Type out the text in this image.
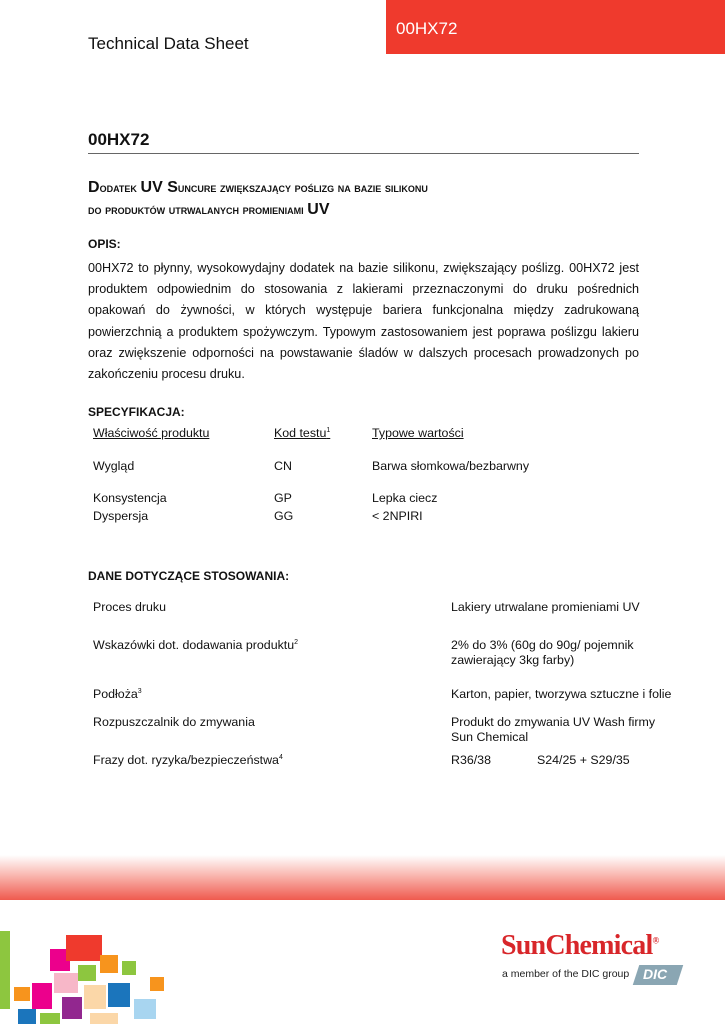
00HX72
Technical Data Sheet
00HX72
Dodatek UV Suncure zwiększający poślizg na bazie silikonu
do produktów utrwalanych promieniami UV
OPIS:
00HX72 to płynny, wysokowydajny dodatek na bazie silikonu, zwiększający poślizg. 00HX72 jest produktem odpowiednim do stosowania z lakierami przeznaczonymi do druku pośrednich opakowań do żywności, w których występuje bariera funkcjonalna między zadrukowaną powierzchnią a produktem spożywczym. Typowym zastosowaniem jest poprawa poślizgu lakieru oraz zwiększenie odporności na powstawanie śladów w dalszych procesach prowadzonych po zakończeniu procesu druku.
SPECYFIKACJA:
Właściwość produktu	Kod testu$^1$	Typowe wartości
Wygląd	CN	Barwa słomkowa/bezbarwny
Konsystencja	GP	Lepka ciecz
Dyspersja	GG	< 2NPIRI
DANE DOTYCZĄCE STOSOWANIA:
Proces druku	Lakiery utrwalane promieniami UV
Wskazówki dot. dodawania produktu$^2$	2% do 3% (60g do 90g/ pojemnik
zawierający 3kg farby)
Podłoża$^3$	Karton, papier, tworzywa sztuczne i folie
Rozpuszczalnik do zmywania	Produkt do zmywania UV Wash firmy
Sun Chemical
Frazy dot. ryzyka/bezpieczeństwa$^4$	R36/38	S24/25 + S29/35
SunChemical®
a member of the DIC group DIC
